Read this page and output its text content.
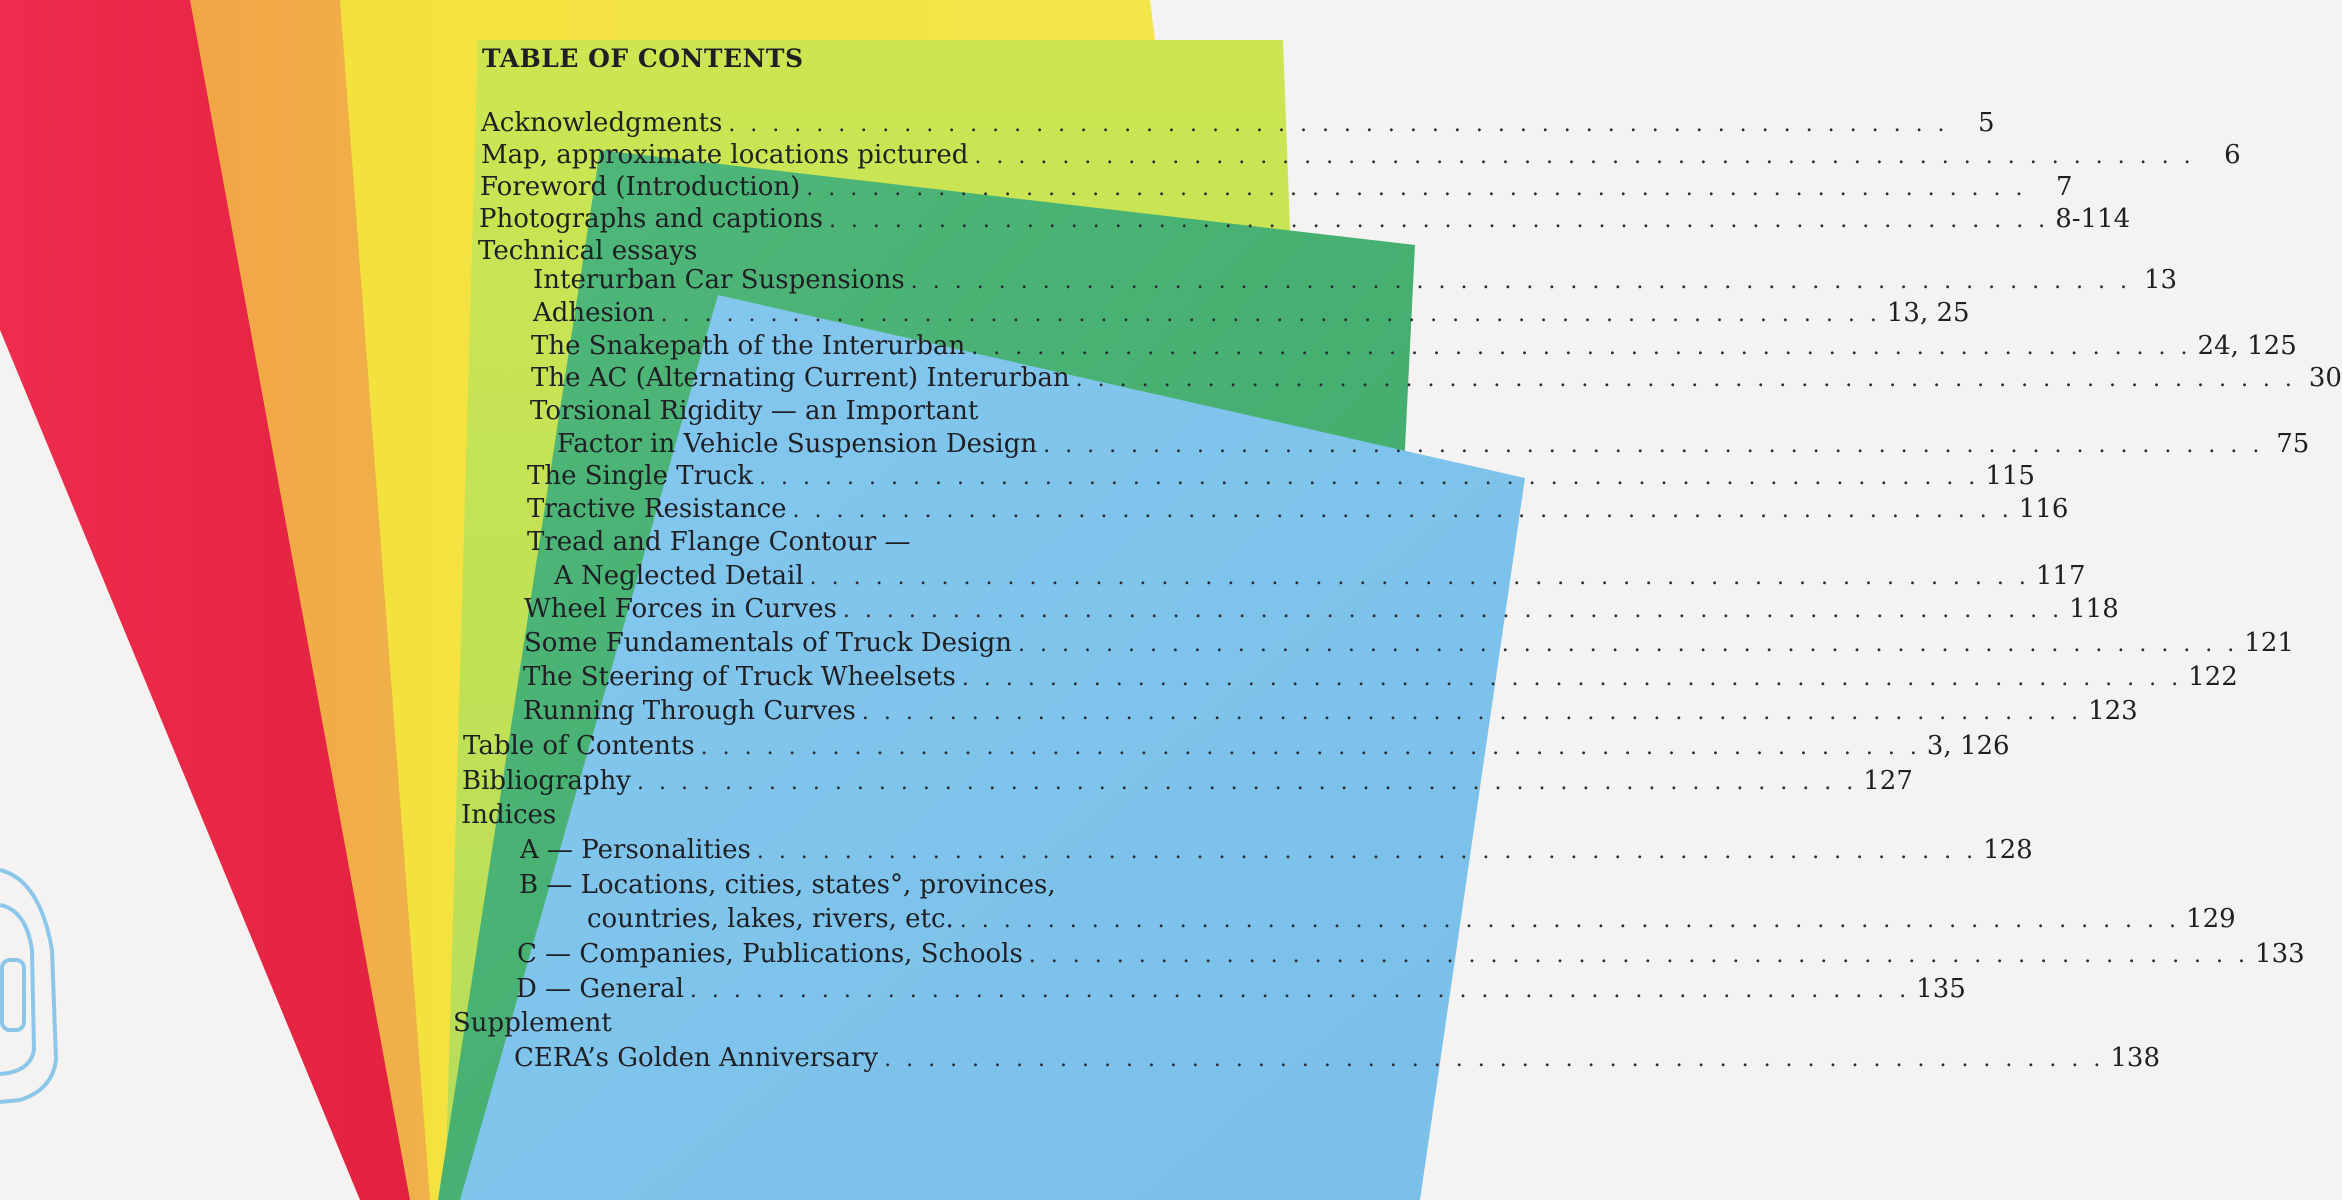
TABLE OF CONTENTS
Acknowledgments . . . . . . . . . . . . . . . . . . . . . . . . . . . . . . . . . . . . . . . . . . . . . . . . . . . . . . . .	5
Map, approximate locations pictured . . . . . . . . . . . . . . . . . . . . . . . . . . . . . . . . . . . . . . . . . . . . . . . . . . . . . . . .	6
Foreword (Introduction) . . . . . . . . . . . . . . . . . . . . . . . . . . . . . . . . . . . . . . . . . . . . . . . . . . . . . . . .	7
Photographs and captions . . . . . . . . . . . . . . . . . . . . . . . . . . . . . . . . . . . . . . . . . . . . . . . . . . . . . . . . 8-114
Technical essays
Interurban Car Suspensions . . . . . . . . . . . . . . . . . . . . . . . . . . . . . . . . . . . . . . . . . . . . . . . . . . . . . . . . 13
Adhesion . . . . . . . . . . . . . . . . . . . . . . . . . . . . . . . . . . . . . . . . . . . . . . . . . . . . . . . . 13, 25
The Snakepath of the Interurban . . . . . . . . . . . . . . . . . . . . . . . . . . . . . . . . . . . . . . . . . . . . . . . . . . . . . . . . 24, 125
The AC (Alternating Current) Interurban . . . . . . . . . . . . . . . . . . . . . . . . . . . . . . . . . . . . . . . . . . . . . . . . . . . . . . . . 30
Torsional Rigidity — an Important
Factor in Vehicle Suspension Design . . . . . . . . . . . . . . . . . . . . . . . . . . . . . . . . . . . . . . . . . . . . . . . . . . . . . . . . 75
The Single Truck . . . . . . . . . . . . . . . . . . . . . . . . . . . . . . . . . . . . . . . . . . . . . . . . . . . . . . . . 115
Tractive Resistance . . . . . . . . . . . . . . . . . . . . . . . . . . . . . . . . . . . . . . . . . . . . . . . . . . . . . . . . 116
Tread and Flange Contour —
A Neglected Detail . . . . . . . . . . . . . . . . . . . . . . . . . . . . . . . . . . . . . . . . . . . . . . . . . . . . . . . . 117
Wheel Forces in Curves . . . . . . . . . . . . . . . . . . . . . . . . . . . . . . . . . . . . . . . . . . . . . . . . . . . . . . . . 118
Some Fundamentals of Truck Design . . . . . . . . . . . . . . . . . . . . . . . . . . . . . . . . . . . . . . . . . . . . . . . . . . . . . . . . 121
The Steering of Truck Wheelsets . . . . . . . . . . . . . . . . . . . . . . . . . . . . . . . . . . . . . . . . . . . . . . . . . . . . . . . . 122
Running Through Curves . . . . . . . . . . . . . . . . . . . . . . . . . . . . . . . . . . . . . . . . . . . . . . . . . . . . . . . . 123
Table of Contents . . . . . . . . . . . . . . . . . . . . . . . . . . . . . . . . . . . . . . . . . . . . . . . . . . . . . . . . 3, 126
Bibliography . . . . . . . . . . . . . . . . . . . . . . . . . . . . . . . . . . . . . . . . . . . . . . . . . . . . . . . . 127
Indices
A — Personalities . . . . . . . . . . . . . . . . . . . . . . . . . . . . . . . . . . . . . . . . . . . . . . . . . . . . . . . . 128
B — Locations, cities, states°, provinces,
countries, lakes, rivers, etc. . . . . . . . . . . . . . . . . . . . . . . . . . . . . . . . . . . . . . . . . . . . . . . . . . . . . . . . . 129
C — Companies, Publications, Schools . . . . . . . . . . . . . . . . . . . . . . . . . . . . . . . . . . . . . . . . . . . . . . . . . . . . . . . . 133
D — General . . . . . . . . . . . . . . . . . . . . . . . . . . . . . . . . . . . . . . . . . . . . . . . . . . . . . . . . 135
Supplement
CERA’s Golden Anniversary . . . . . . . . . . . . . . . . . . . . . . . . . . . . . . . . . . . . . . . . . . . . . . . . . . . . . . . . 138
